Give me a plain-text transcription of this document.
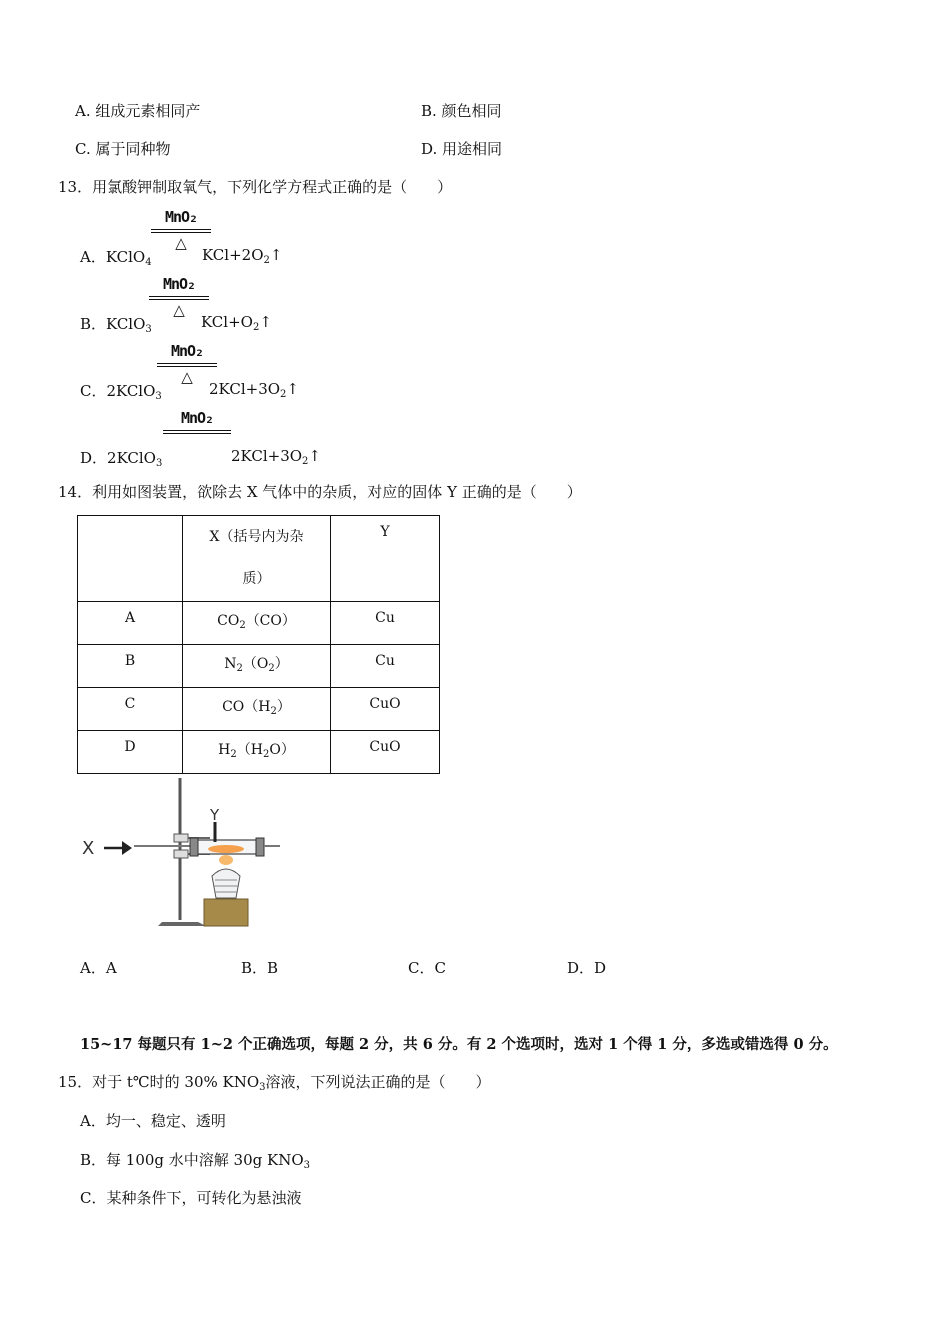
A. 组成元素相同产	B. 颜色相同
C. 属于同种物	D. 用途相同
13．用氯酸钾制取氧气，下列化学方程式正确的是（　　）
A．KClO$_4$
MnO₂
△
$KCl+2O_2↑$
B．KClO$_3$
MnO₂
△
$KCl+O_2↑$
C．2KClO$_3$
MnO₂
△
$2KCl+3O_2↑$
D．2KClO$_3$
MnO₂
$2KCl+3O_2↑$
14．利用如图装置，欲除去 X 气体中的杂质，对应的固体 Y 正确的是（　　）
	X（括号内为杂
质）	Y
A	$CO_2(CO)$	Cu
B	$N_2(O_2)$	Cu
C	$CO(H_2)$	CuO
D	$H_2(H_2O)$	CuO
X
Y
A．A	B．B	C．C	D．D
15~17 每题只有 1~2 个正确选项，每题 2 分，共 6 分。有 2 个选项时，选对 1 个得 1 分，多选或错选得 0 分。
15．对于 t℃时的 30% $KNO_3$溶液，下列说法正确的是（　　）
A．均一、稳定、透明
B．每 100g 水中溶解 30g $KNO_3$
C．某种条件下，可转化为悬浊液
